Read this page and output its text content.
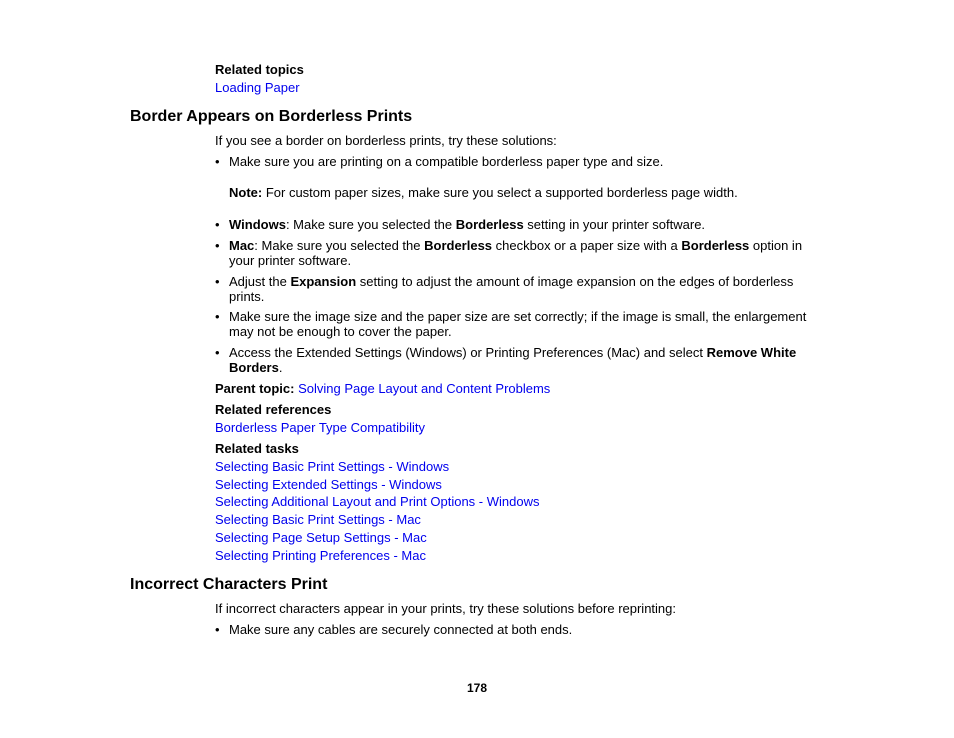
Related topics
Loading Paper
Border Appears on Borderless Prints
If you see a border on borderless prints, try these solutions:
• Make sure you are printing on a compatible borderless paper type and size.
Note: For custom paper sizes, make sure you select a supported borderless page width.
• Windows: Make sure you selected the Borderless setting in your printer software.
• Mac: Make sure you selected the Borderless checkbox or a paper size with a Borderless option in your printer software.
• Adjust the Expansion setting to adjust the amount of image expansion on the edges of borderless prints.
• Make sure the image size and the paper size are set correctly; if the image is small, the enlargement may not be enough to cover the paper.
• Access the Extended Settings (Windows) or Printing Preferences (Mac) and select Remove White Borders.
Parent topic: Solving Page Layout and Content Problems
Related references
Borderless Paper Type Compatibility
Related tasks
Selecting Basic Print Settings - Windows
Selecting Extended Settings - Windows
Selecting Additional Layout and Print Options - Windows
Selecting Basic Print Settings - Mac
Selecting Page Setup Settings - Mac
Selecting Printing Preferences - Mac
Incorrect Characters Print
If incorrect characters appear in your prints, try these solutions before reprinting:
• Make sure any cables are securely connected at both ends.
178
